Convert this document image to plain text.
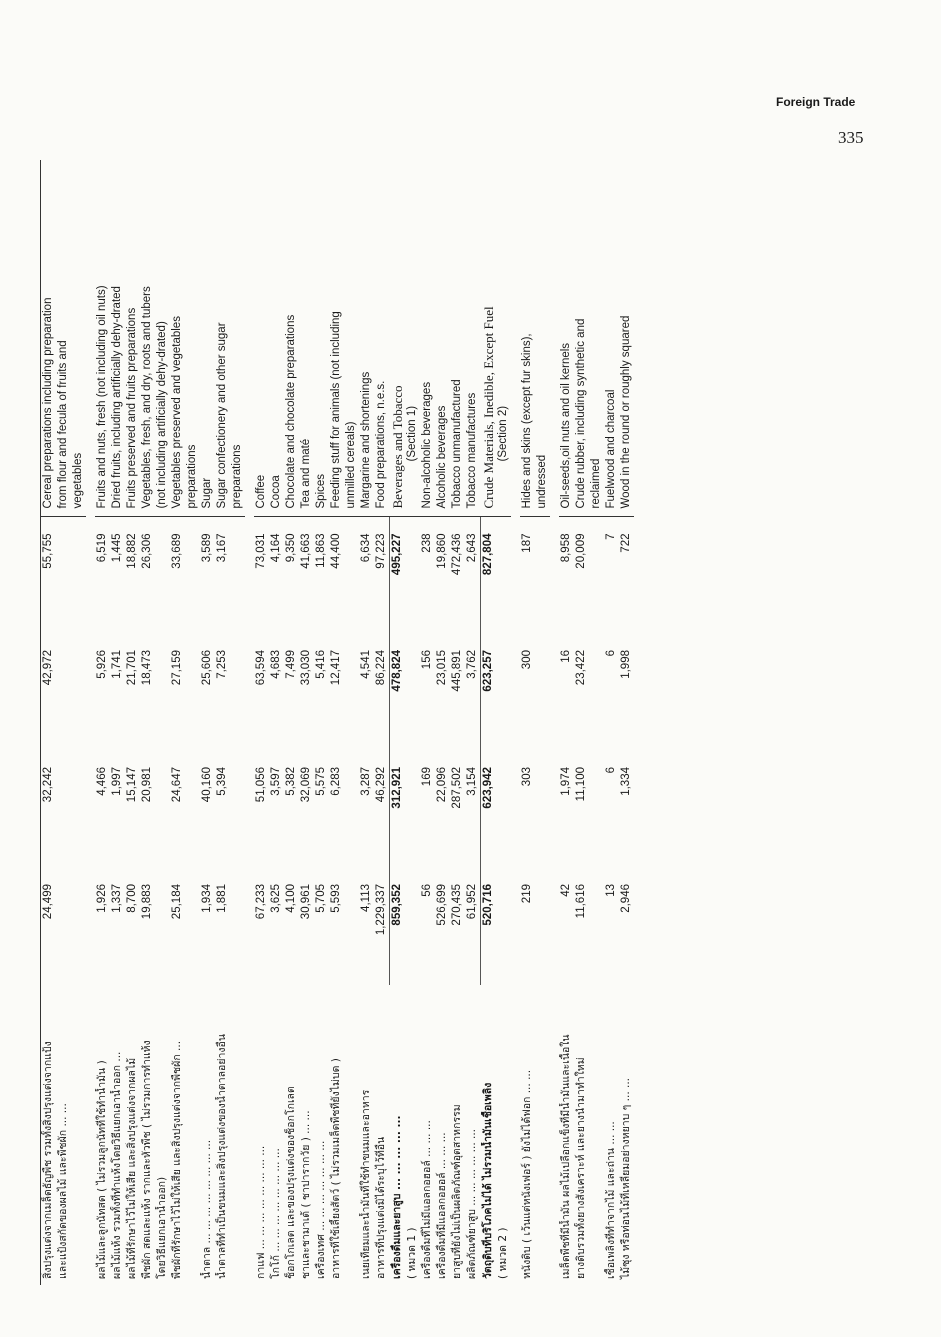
Foreign Trade
335

สิ่งปรุงแต่งจากเมล็ดธัญพืช รวมทั้งสิ่งปรุงแต่งจากแป้ง	24,499	32,242	42,972	55,755	Cereal preparations including preparation
และแป้งสกัดของผลไม้ และพืชผัก ... ...					from flour and fecula of fruits and
					vegetables

ผลไม้และลูกนัทสด ( ไม่รวมลูกนัทที่ใช้ทำน้ำมัน )	1,926	4,466	5,926	6,519	Fruits and nuts, fresh (not including oil nuts)
ผลไม้แห้ง รวมทั้งที่ทำแห้งโดยวิธีแยกเอาน้ำออก ...	1,337	1,997	1,741	1,445	Dried fruits, including artificially dehy-drated
ผลไม้ที่รักษาไว้ไม่ให้เสีย และสิ่งปรุงแต่งจากผลไม้	8,700	15,147	21,701	18,882	Fruits preserved and fruits preparations
พืชผัก สดและแห้ง รากและหัวพืช ( ไม่รวมการทำแห้ง	19,883	20,981	18,473	26,306	Vegetables, fresh, and dry, roots and tubers
โดยวิธีแยกเอาน้ำออก)					(not including artificially dehy-drated)
พืชผักที่รักษาไว้ไม่ให้เสีย และสิ่งปรุงแต่งจากพืชผัก ...	25,184	24,647	27,159	33,689	Vegetables preserved and vegetables
					preparations
น้ำตาล ... ... ... ... ... ... ... ...	1,934	40,160	25,606	3,589	Sugar
น้ำตาลที่ทำเป็นขนมและสิ่งปรุงแต่งของน้ำตาลอย่างอื่น	1,881	5,394	7,253	3,167	Sugar confectionery and other sugar
					preparations

กาแฟ ... ... ... ... ... ... ... ...	67,233	51,056	63,594	73,031	Coffee
โกโก้ ... ... ... ... ... ... ... ...	3,625	3,597	4,683	4,164	Cocoa
ช็อกโกเลต และของปรุงแต่งของช็อกโกเลต	4,100	5,382	7,499	9,350	Chocolate and chocolate preparations
ชาและชามาเต้ ( ชาปารากวัย ) ... ...	30,961	32,069	33,030	41,663	Tea and maté
เครื่องเทศ ... ... ... ... ... ... ...	5,705	5,575	5,416	11,863	Spices
อาหารที่ใช้เลี้ยงสัตว์ ( ไม่รวมเมล็ดพืชที่ยังไม่บด )	5,593	6,283	12,417	44,400	Feeding stuff for animals (not including
					unmilled cereals)
เนยเทียมและน้ำมันที่ใช้ทำขนมและอาหาร	4,113	3,287	4,541	6,634	Margarine and shortenings
อาหารที่ปรุงแต่งมิได้ระบุไว้ที่อื่น	1,229,337	46,292	86,224	97,223	Food preparations, n.e.s.
เครื่องดื่มและยาสูบ ... ... ... ... ...	859,352	312,921	478,824	495,227	Beverages and Tobacco
( หมวด 1 )					(Section 1)
เครื่องดื่มที่ไม่มีแอลกอฮอล์ ... ... ...	56	169	156	238	Non-alcoholic beverages
เครื่องดื่มที่มีแอลกอฮอล์ ... ... ...	526,699	22,096	23,015	19,860	Alcoholic beverages
ยาสูบที่ยังไม่เป็นผลิตภัณฑ์อุตสาหกรรม	270,435	287,502	445,891	472,436	Tobacco unmanufactured
ผลิตภัณฑ์ยาสูบ ... ... ... ... ... ...	61,952	3,154	3,762	2,643	Tobacco manufactures
วัตถุดิบที่บริโภคไม่ได้ ไม่รวมน้ำมันเชื้อเพลิง	520,716	623,942	623,257	827,804	Crude Materials, Inedible, Except Fuel
( หมวด 2 )					(Section 2)

หนังดิบ ( เว้นแต่หนังเฟอร์ ) ยังไม่ได้ฟอก ... ...	219	303	300	187	Hides and skins (except fur skins),
					undressed

เมล็ดพืชที่มีน้ำมัน ผลไม้เปลือกแข็งที่มีน้ำมันและเนื้อใน	42	1,974	16	8,958	Oil-seeds,oil nuts and oil kernels
ยางดิบรวมทั้งยางสังเคราะห์ และยางนำมาทำใหม่	11,616	11,100	23,422	20,009	Crude rubber, including synthetic and
					reclaimed
เชื้อเพลิงที่ทำจากไม้ และถ่าน ... ...	13	6	6	7	Fuelwood and charcoal
ไม้ซุง หรือท่อนไม้ที่เหลี่ยมอย่างหยาบ ๆ ... ...	2,946	1,334	1,998	722	Wood in the round or roughly squared
